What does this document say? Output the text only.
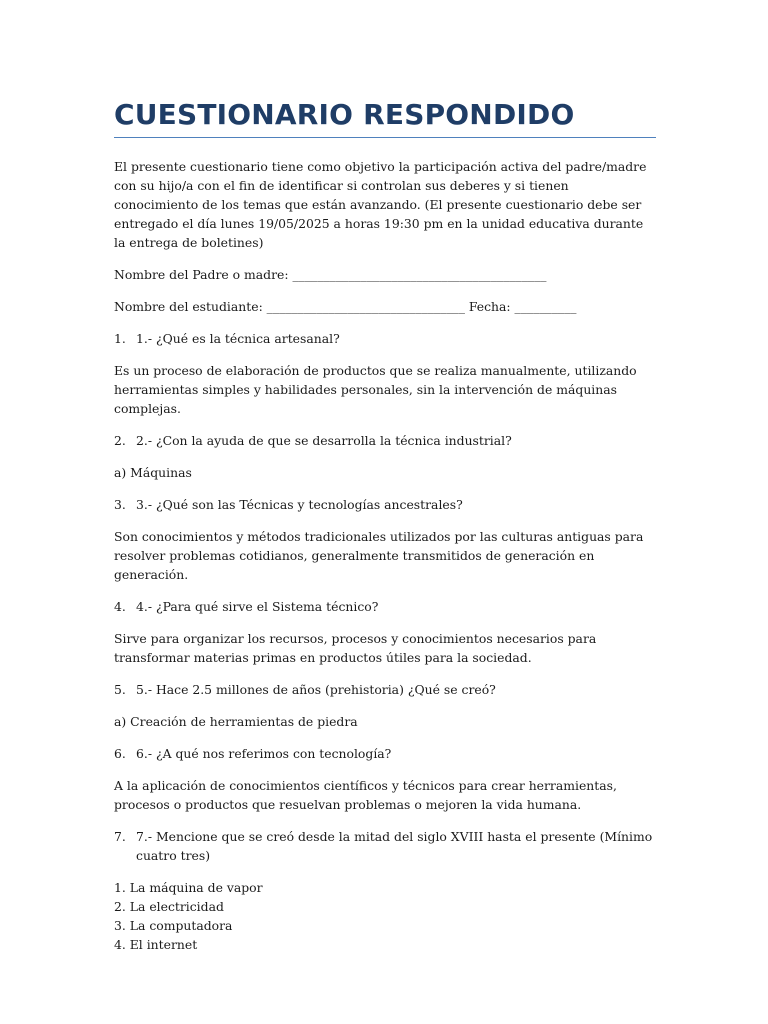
CUESTIONARIO RESPONDIDO

El presente cuestionario tiene como objetivo la participación activa del padre/madre con su hijo/a con el fin de identificar si controlan sus deberes y si tienen conocimiento de los temas que están avanzando. (El presente cuestionario debe ser entregado el día lunes 19/05/2025 a horas 19:30 pm en la unidad educativa durante la entrega de boletines)

Nombre del Padre o madre: _________________________________________

Nombre del estudiante: ________________________________ Fecha: __________

1. 1.- ¿Qué es la técnica artesanal?

Es un proceso de elaboración de productos que se realiza manualmente, utilizando herramientas simples y habilidades personales, sin la intervención de máquinas complejas.

2. 2.- ¿Con la ayuda de que se desarrolla la técnica industrial?

a) Máquinas

3. 3.- ¿Qué son las Técnicas y tecnologías ancestrales?

Son conocimientos y métodos tradicionales utilizados por las culturas antiguas para resolver problemas cotidianos, generalmente transmitidos de generación en generación.

4. 4.- ¿Para qué sirve el Sistema técnico?

Sirve para organizar los recursos, procesos y conocimientos necesarios para transformar materias primas en productos útiles para la sociedad.

5. 5.- Hace 2.5 millones de años (prehistoria) ¿Qué se creó?

a) Creación de herramientas de piedra

6. 6.- ¿A qué nos referimos con tecnología?

A la aplicación de conocimientos científicos y técnicos para crear herramientas, procesos o productos que resuelvan problemas o mejoren la vida humana.

7. 7.- Mencione que se creó desde la mitad del siglo XVIII hasta el presente (Mínimo cuatro tres)

1. La máquina de vapor
2. La electricidad
3. La computadora
4. El internet
